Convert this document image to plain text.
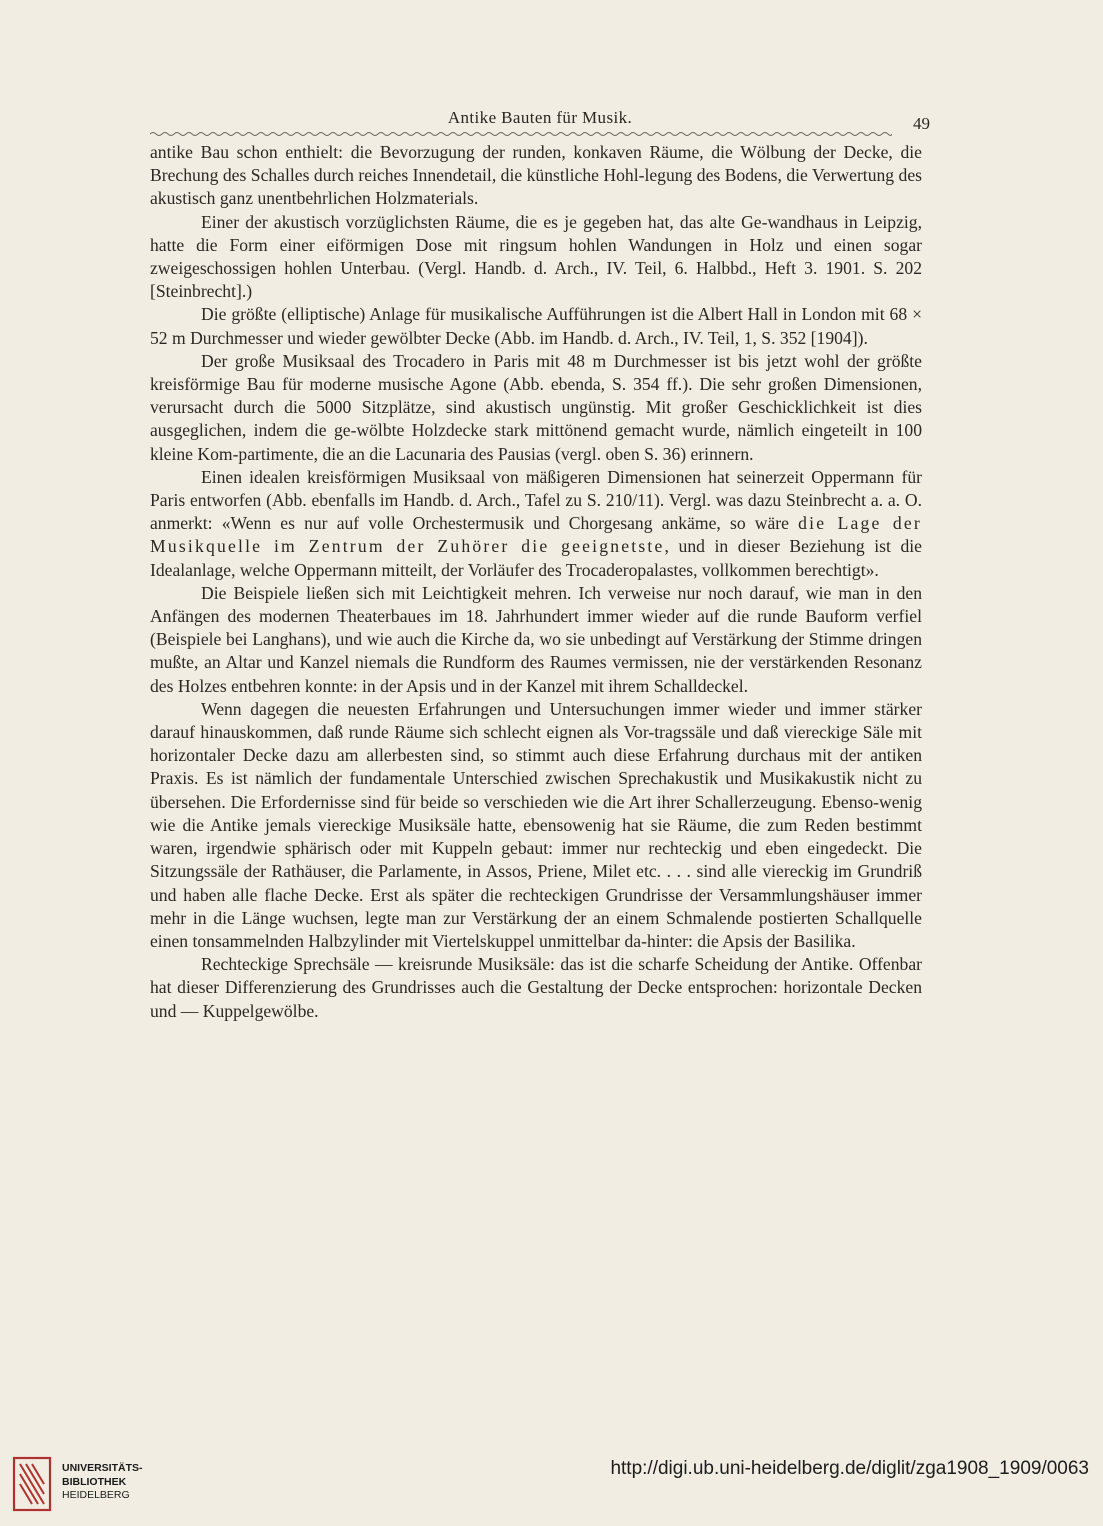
Antike Bauten für Musik.	49

antike Bau schon enthielt: die Bevorzugung der runden, konkaven Räume, die Wölbung der Decke, die Brechung des Schalles durch reiches Innendetail, die künstliche Hohl-legung des Bodens, die Verwertung des akustisch ganz unentbehrlichen Holzmaterials.

Einer der akustisch vorzüglichsten Räume, die es je gegeben hat, das alte Ge-wandhaus in Leipzig, hatte die Form einer eiförmigen Dose mit ringsum hohlen Wandungen in Holz und einen sogar zweigeschossigen hohlen Unterbau. (Vergl. Handb. d. Arch., IV. Teil, 6. Halbbd., Heft 3. 1901. S. 202 [Steinbrecht].)

Die größte (elliptische) Anlage für musikalische Aufführungen ist die Albert Hall in London mit 68 × 52 m Durchmesser und wieder gewölbter Decke (Abb. im Handb. d. Arch., IV. Teil, 1, S. 352 [1904]).

Der große Musiksaal des Trocadero in Paris mit 48 m Durchmesser ist bis jetzt wohl der größte kreisförmige Bau für moderne musische Agone (Abb. ebenda, S. 354 ff.). Die sehr großen Dimensionen, verursacht durch die 5000 Sitzplätze, sind akustisch ungünstig. Mit großer Geschicklichkeit ist dies ausgeglichen, indem die ge-wölbte Holzdecke stark mittönend gemacht wurde, nämlich eingeteilt in 100 kleine Kom-partimente, die an die Lacunaria des Pausias (vergl. oben S. 36) erinnern.

Einen idealen kreisförmigen Musiksaal von mäßigeren Dimensionen hat seinerzeit Oppermann für Paris entworfen (Abb. ebenfalls im Handb. d. Arch., Tafel zu S. 210/11). Vergl. was dazu Steinbrecht a. a. O. anmerkt: «Wenn es nur auf volle Orchestermusik und Chorgesang ankäme, so wäre die Lage der Musikquelle im Zentrum der Zuhörer die geeignetste, und in dieser Beziehung ist die Idealanlage, welche Oppermann mitteilt, der Vorläufer des Trocaderopalastes, vollkommen berechtigt».

Die Beispiele ließen sich mit Leichtigkeit mehren. Ich verweise nur noch darauf, wie man in den Anfängen des modernen Theaterbaues im 18. Jahrhundert immer wieder auf die runde Bauform verfiel (Beispiele bei Langhans), und wie auch die Kirche da, wo sie unbedingt auf Verstärkung der Stimme dringen mußte, an Altar und Kanzel niemals die Rundform des Raumes vermissen, nie der verstärkenden Resonanz des Holzes entbehren konnte: in der Apsis und in der Kanzel mit ihrem Schalldeckel.

Wenn dagegen die neuesten Erfahrungen und Untersuchungen immer wieder und immer stärker darauf hinauskommen, daß runde Räume sich schlecht eignen als Vor-tragssäle und daß viereckige Säle mit horizontaler Decke dazu am allerbesten sind, so stimmt auch diese Erfahrung durchaus mit der antiken Praxis. Es ist nämlich der fundamentale Unterschied zwischen Sprechakustik und Musikakustik nicht zu übersehen. Die Erfordernisse sind für beide so verschieden wie die Art ihrer Schallerzeugung. Ebenso-wenig wie die Antike jemals viereckige Musiksäle hatte, ebensowenig hat sie Räume, die zum Reden bestimmt waren, irgendwie sphärisch oder mit Kuppeln gebaut: immer nur rechteckig und eben eingedeckt. Die Sitzungssäle der Rathäuser, die Parlamente, in Assos, Priene, Milet etc. . . . sind alle viereckig im Grundriß und haben alle flache Decke. Erst als später die rechteckigen Grundrisse der Versammlungshäuser immer mehr in die Länge wuchsen, legte man zur Verstärkung der an einem Schmalende postierten Schallquelle einen tonsammelnden Halbzylinder mit Viertelskuppel unmittelbar da-hinter: die Apsis der Basilika.

Rechteckige Sprechsäle — kreisrunde Musiksäle: das ist die scharfe Scheidung der Antike. Offenbar hat dieser Differenzierung des Grundrisses auch die Gestaltung der Decke entsprochen: horizontale Decken und — Kuppelgewölbe.

UNIVERSITÄTS-
BIBLIOTHEK
HEIDELBERG
http://digi.ub.uni-heidelberg.de/diglit/zga1908_1909/0063
